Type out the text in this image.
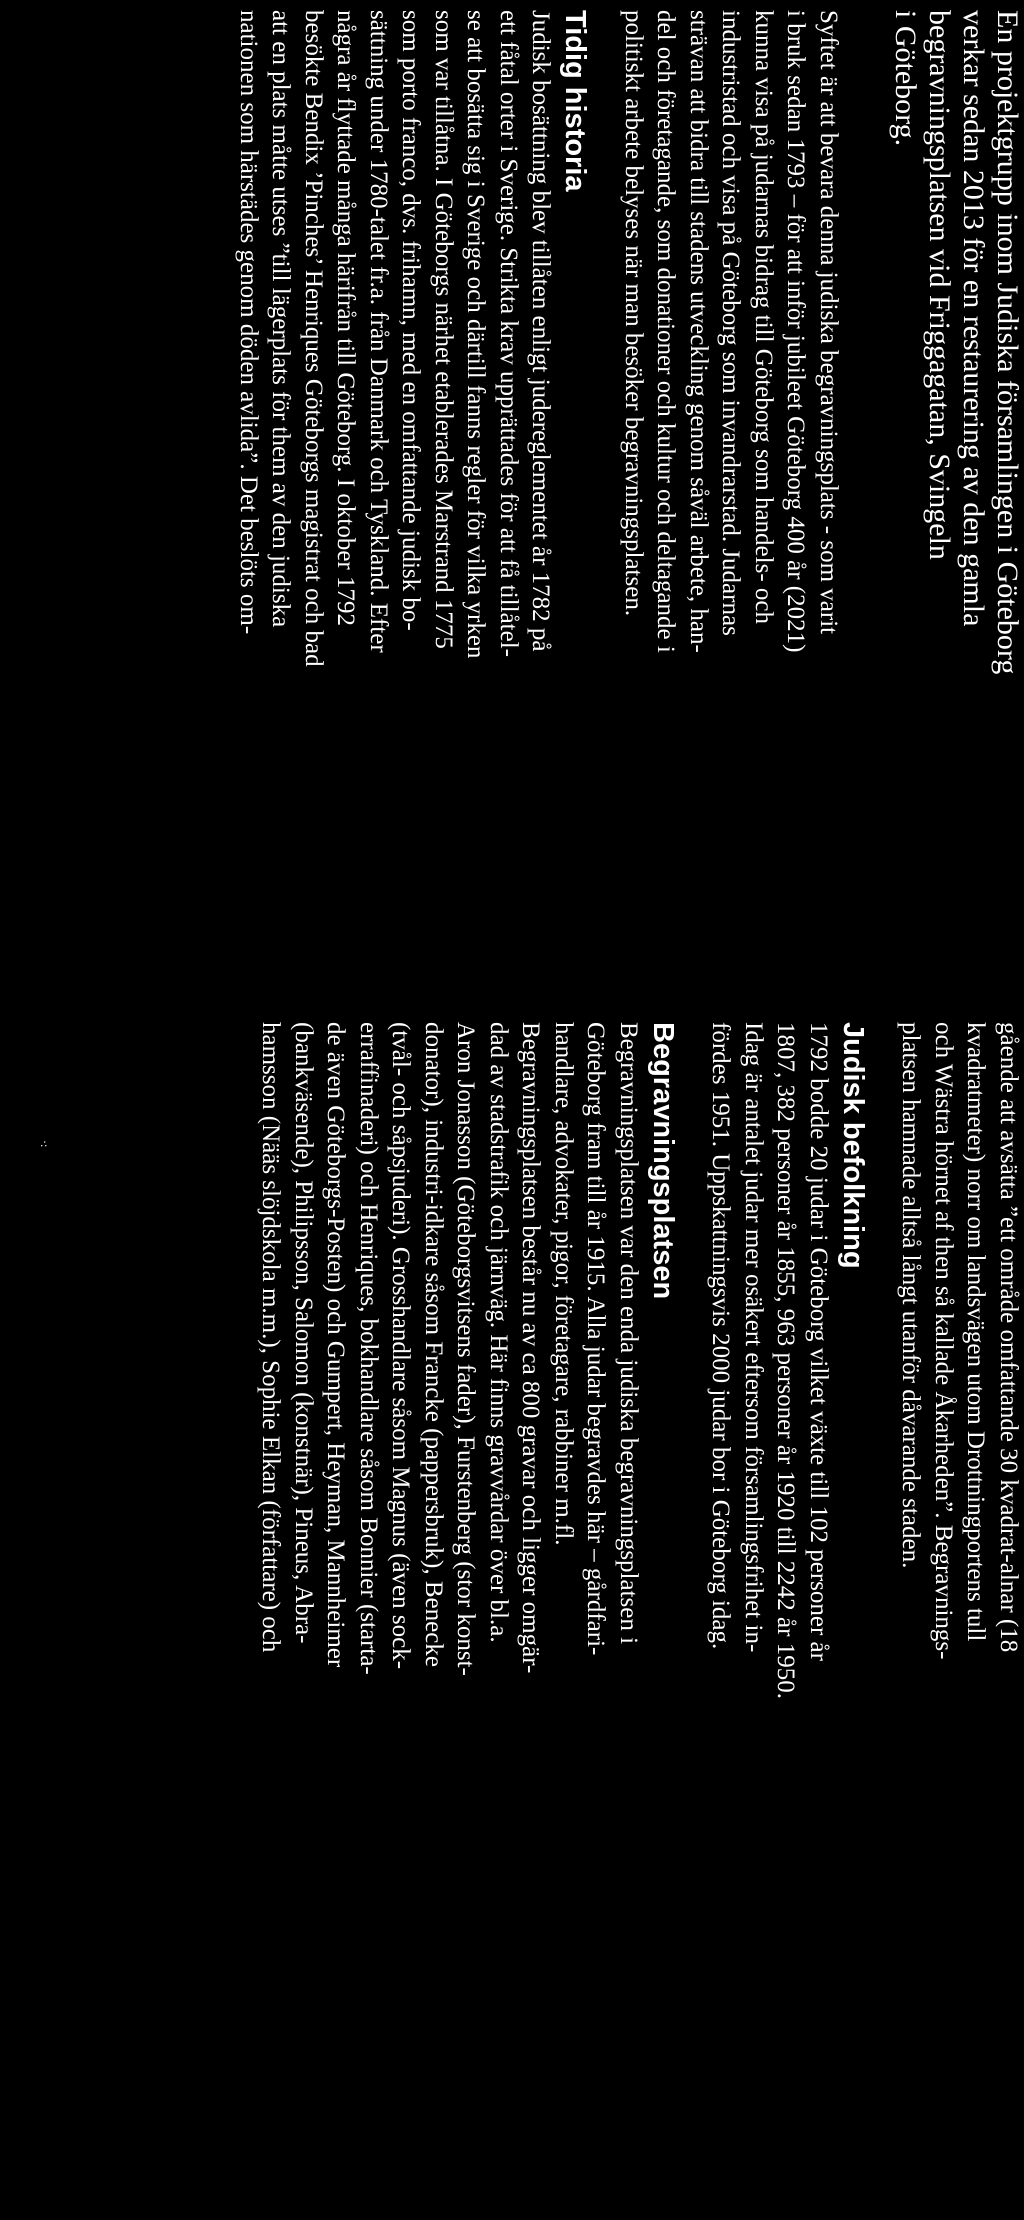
En projektgrupp inom Judiska församlingen i Göteborg
verkar sedan 2013 för en restaurering av den gamla
begravningsplatsen vid Friggagatan, Svingeln
i Göteborg.
Syftet är att bevara denna judiska begravningsplats - som varit
i bruk sedan 1793 – för att inför jubileet Göteborg 400 år (2021)
kunna visa på judarnas bidrag till Göteborg som handels- och
industristad och visa på Göteborg som invandrarstad. Judarnas
strävan att bidra till stadens utveckling genom såväl arbete, han-
del och företagande, som donationer och kultur och deltagande i
politiskt arbete belyses när man besöker begravningsplatsen.
Tidig historia
Judisk bosättning blev tillåten enligt judereglementet år 1782 på
ett fåtal orter i Sverige. Strikta krav upprättades för att få tillåtel-
se att bosätta sig i Sverige och därtill fanns regler för vilka yrken
som var tillåtna. I Göteborgs närhet etablerades Marstrand 1775
som porto franco, dvs. frihamn, med en omfattande judisk bo-
sättning under 1780-talet fr.a. från Danmark och Tyskland. Efter
några år flyttade många härifrån till Göteborg. I oktober 1792
besökte Bendix ’Pinches’ Henriques Göteborgs magistrat och bad
att en plats måtte utses ”till lägerplats för them av den judiska
nationen som härstädes genom döden avlida”. Det beslöts om-
·:	gående att avsätta ”ett område omfattande 30 kvadrat-alnar (18
kvadratmeter) norr om landsvägen utom Drottningportens tull
och Wästra hörnet af then så kallade Åkarheden”. Begravnings-
platsen hamnade alltså långt utanför dåvarande staden.
Judisk befolkning
1792 bodde 20 judar i Göteborg vilket växte till 102 personer år
1807, 382 personer år 1855, 963 personer år 1920 till 2242 år 1950.
Idag är antalet judar mer osäkert eftersom församlingsfrihet in-
fördes 1951. Uppskattningsvis 2000 judar bor i Göteborg idag.
Begravningsplatsen
Begravningsplatsen var den enda judiska begravningsplatsen i
Göteborg fram till år 1915. Alla judar begravdes här – gårdfari-
handlare, advokater, pigor, företagare, rabbiner m.fl.
Begravningsplatsen består nu av ca 800 gravar och ligger omgär-
dad av stadstrafik och järnväg. Här finns gravvårdar över bl.a.
Aron Jonasson (Göteborgsvitsens fader), Furstenberg (stor konst-
donator), industri-idkare såsom Francke (pappersbruk), Benecke
(tvål- och såpsjuderi). Grosshandlare såsom Magnus (även sock-
erraffinaderi) och Henriques, bokhandlare såsom Bonnier (starta-
de även Göteborgs-Posten) och Gumpert, Heyman, Mannheimer
(bankväsende), Philipsson, Salomon (konstnär), Pineus, Abra-
hamsson (Nääs slöjdskola m.m.), Sophie Elkan (författare) och
